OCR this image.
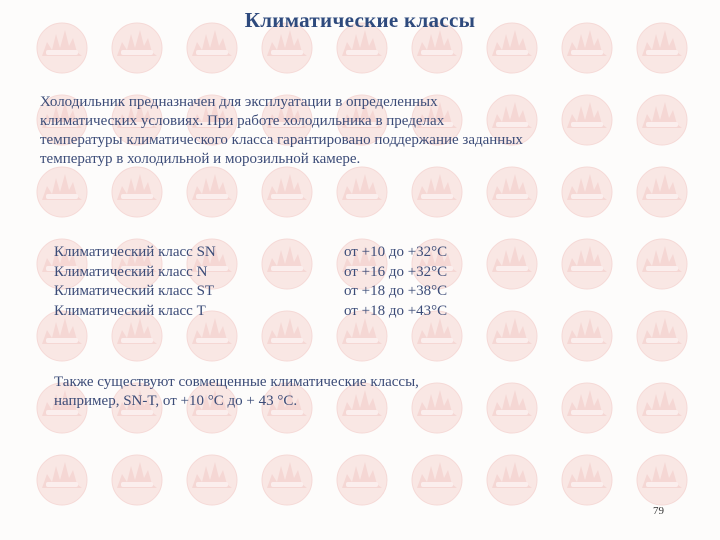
Климатические классы
Холодильник предназначен для эксплуатации в определенных
климатических условиях. При работе холодильника в пределах
температуры климатического класса гарантировано поддержание заданных
температур в холодильной и морозильной камере.
Климатический класс SN	от +10 до +32°С
Климатический класс N	от +16 до +32°С
Климатический класс ST	от +18 до +38°С
Климатический класс Т	от +18 до +43°С
Также существуют совмещенные климатические классы,
например, SN-T, от +10 °С до + 43 °С.
79
